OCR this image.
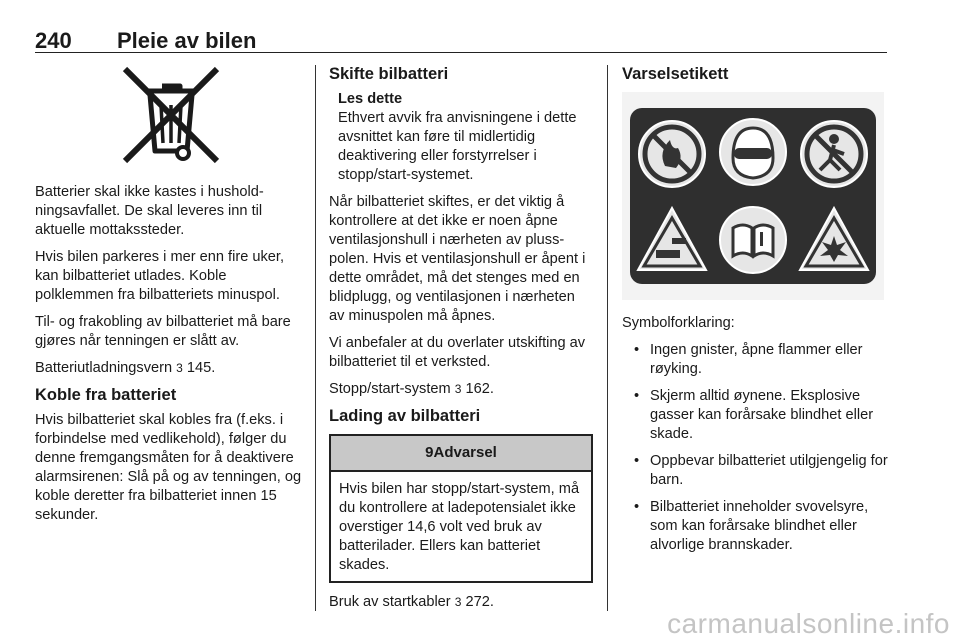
240 Pleie av bilen

Batterier skal ikke kastes i husholdningsavfallet. De skal leveres inn til aktuelle mottakssteder.

Hvis bilen parkeres i mer enn fire uker, kan bilbatteriet utlades. Koble polklemmen fra bilbatteriets minuspol.

Til- og frakobling av bilbatteriet må bare gjøres når tenningen er slått av.

Batteriutladningsvern 3 145.

Koble fra batteriet

Hvis bilbatteriet skal kobles fra (f.eks. i forbindelse med vedlikehold), følger du denne fremgangsmåten for å deaktivere alarmsirenen: Slå på og av tenningen, og koble deretter fra bilbatteriet innen 15 sekunder.

Skifte bilbatteri
Les dette
Ethvert avvik fra anvisningene i dette avsnittet kan føre til midlertidig deaktivering eller forstyrrelser i stopp/start-systemet.

Når bilbatteriet skiftes, er det viktig å kontrollere at det ikke er noen åpne ventilasjonshull i nærheten av plusspolen. Hvis et ventilasjonshull er åpent i dette området, må det stenges med en blidplugg, og ventilasjonen i nærheten av minuspolen må åpnes.

Vi anbefaler at du overlater utskifting av bilbatteriet til et verksted.

Stopp/start-system 3 162.

Lading av bilbatteri
9Advarsel
Hvis bilen har stopp/start-system, må du kontrollere at ladepotensialet ikke overstiger 14,6 volt ved bruk av batterilader. Ellers kan batteriet skades.

Bruk av startkabler 3 272.

Varselsetikett

Symbolforklaring:

• Ingen gnister, åpne flammer eller røyking.
• Skjerm alltid øynene. Eksplosive gasser kan forårsake blindhet eller skade.
• Oppbevar bilbatteriet utilgjengelig for barn.
• Bilbatteriet inneholder svovelsyre, som kan forårsake blindhet eller alvorlige brannskader.
carmanualsonline.info
